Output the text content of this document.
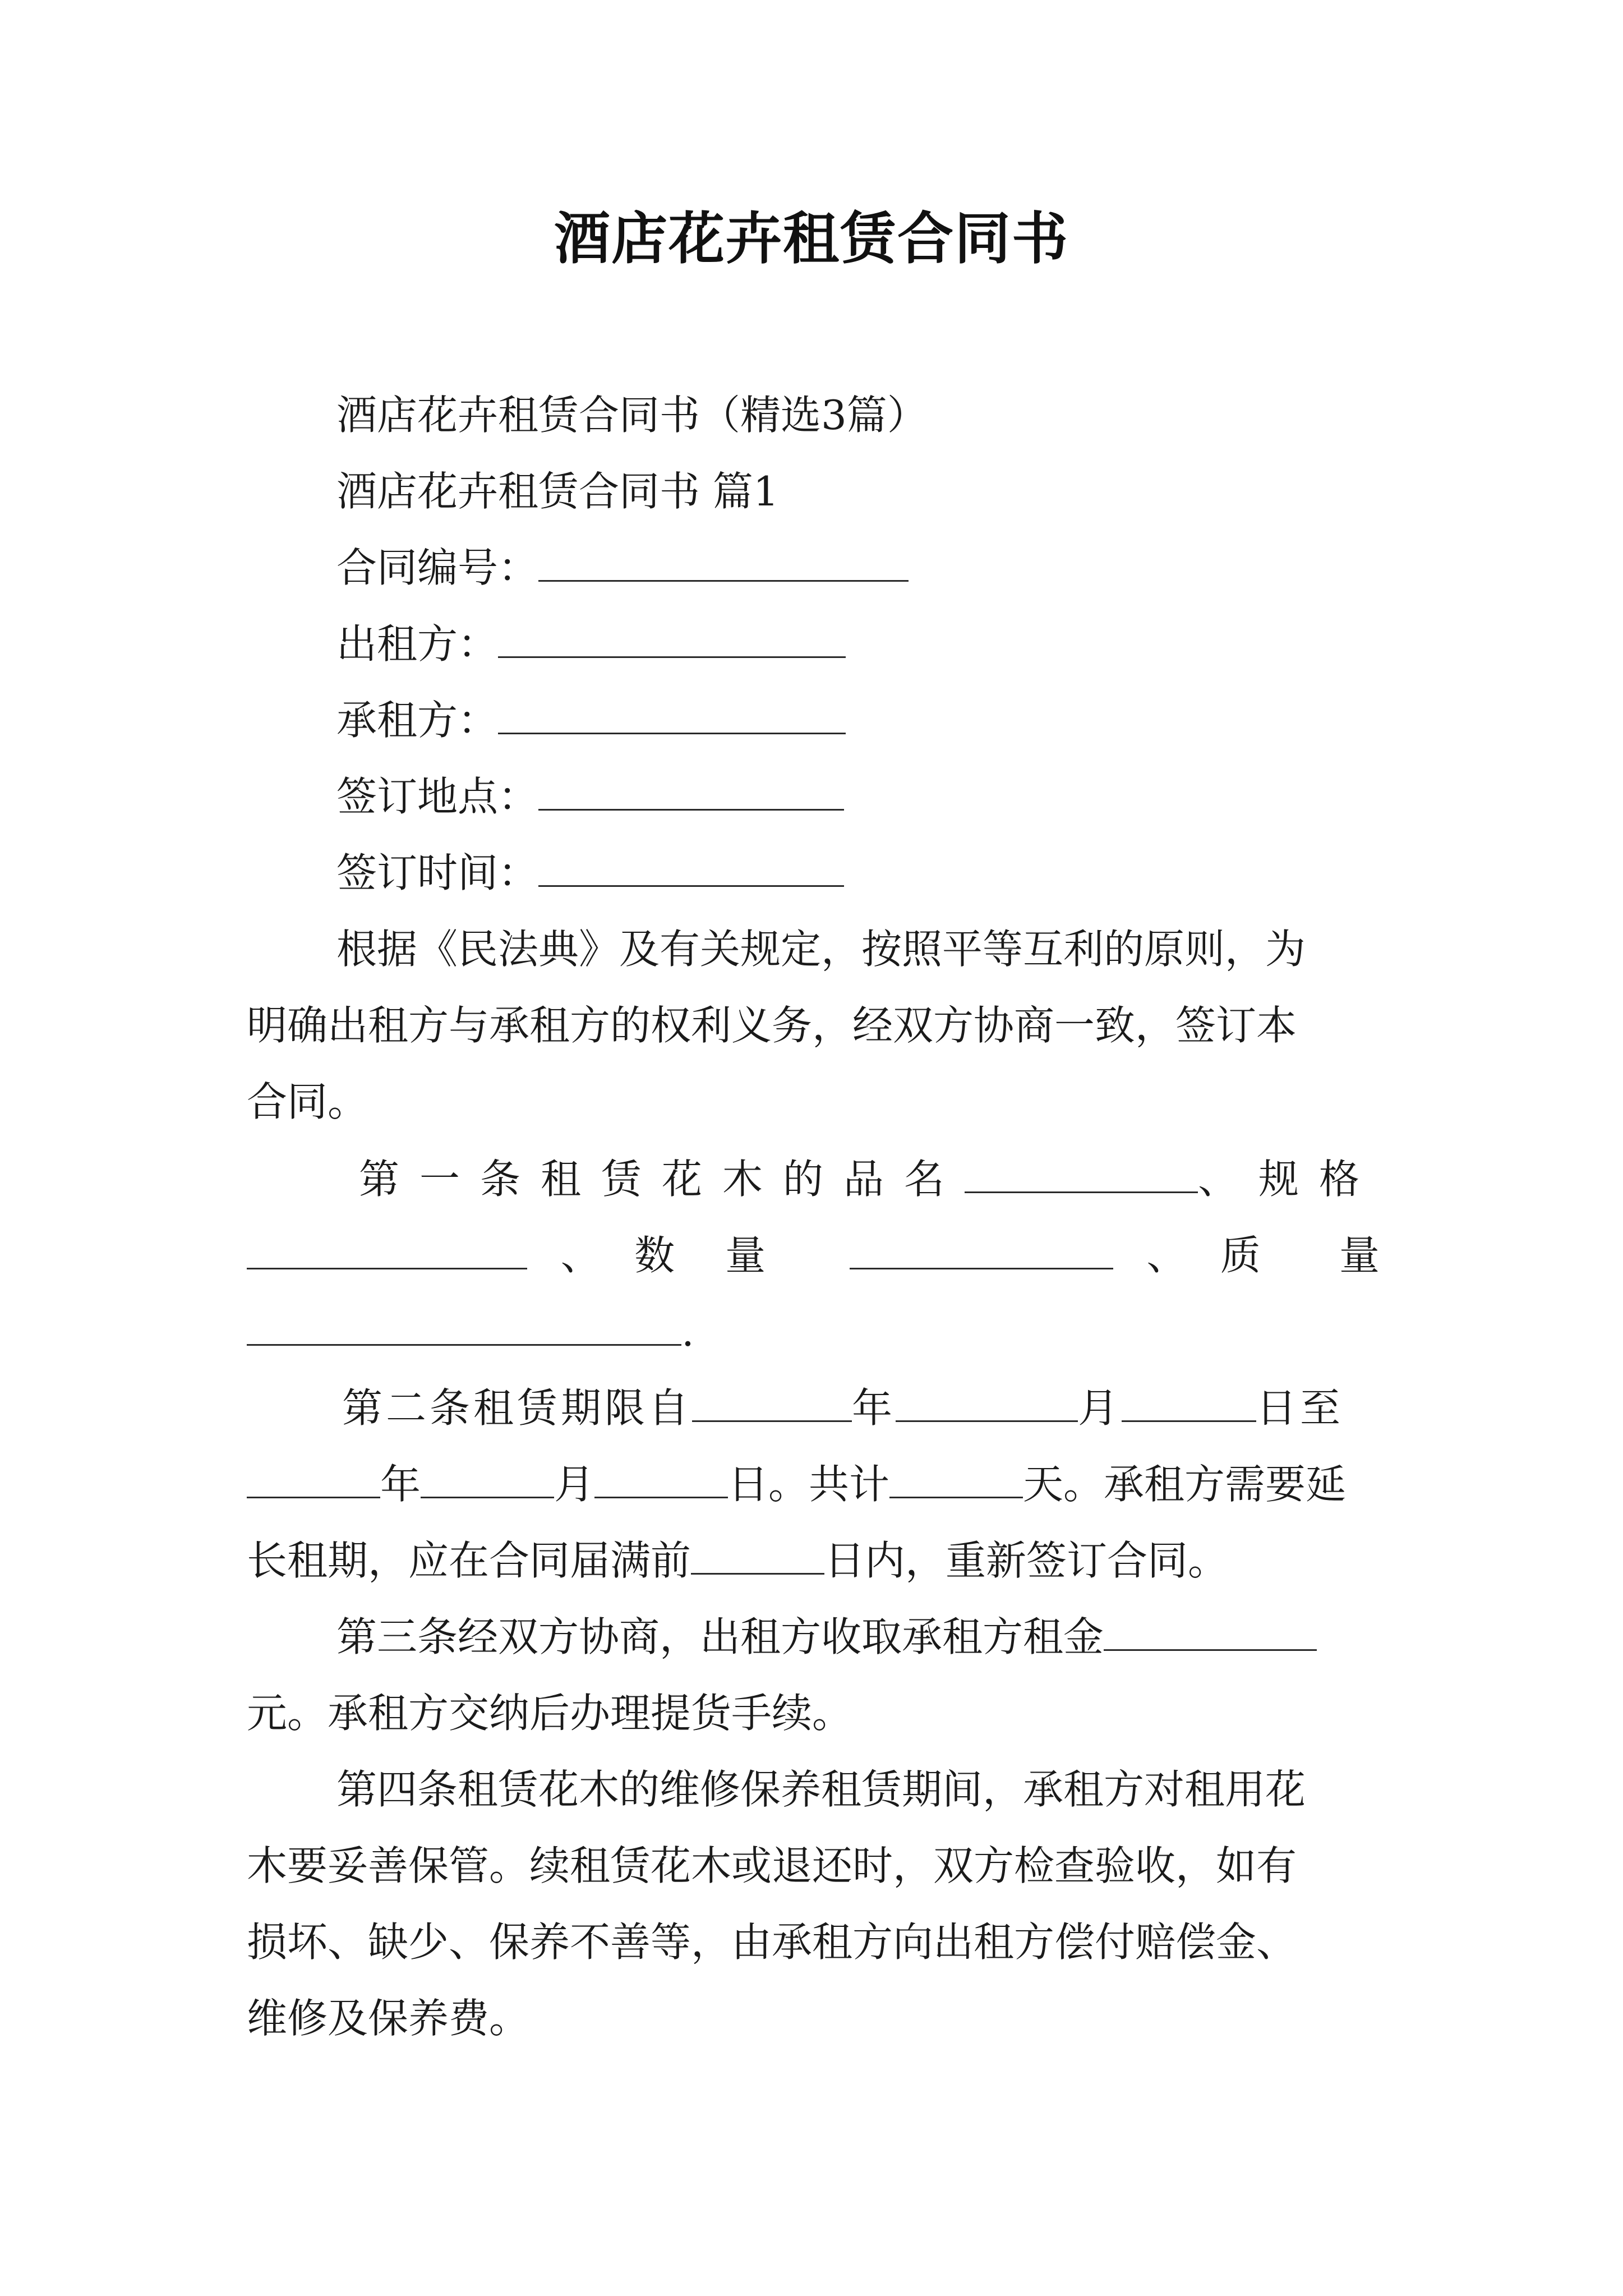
酒店花卉租赁合同书
酒店花卉租赁合同书（精选3篇）
酒店花卉租赁合同书 篇1
合同编号：
出租方：
承租方：
签订地点：
签订时间：
根据《民法典》及有关规定，按照平等互利的原则，为
明确出租方与承租方的权利义务，经双方协商一致，签订本
合同。
第一条租赁花木的品名	、规格
、 数量	、 质量
.
第二条租赁期限自	年	月	日至
年	月	日。共计	天。承租方需要延
长租期，应在合同届满前	日内，重新签订合同。
第三条经双方协商，出租方收取承租方租金
元。承租方交纳后办理提货手续。
第四条租赁花木的维修保养租赁期间，承租方对租用花
木要妥善保管。续租赁花木或退还时，双方检查验收，如有
损坏、缺少、保养不善等，由承租方向出租方偿付赔偿金、
维修及保养费。
